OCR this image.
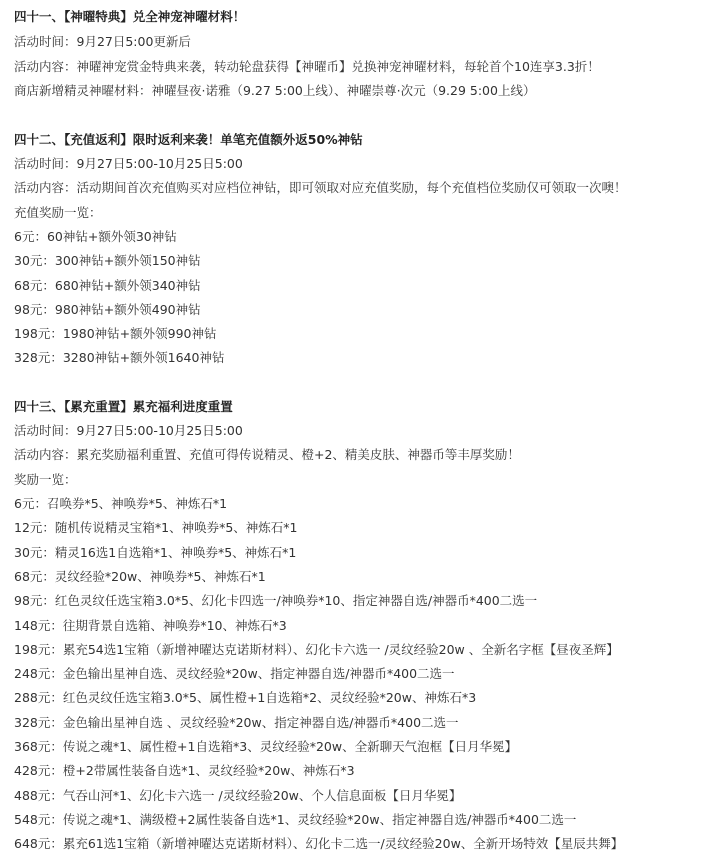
四十一、【神曜特典】兑全神宠神曜材料！
活动时间：9月27日5:00更新后
活动内容：神曜神宠赏金特典来袭，转动轮盘获得【神曜币】兑换神宠神曜材料，每轮首个10连享3.3折！
商店新增精灵神曜材料：神曜昼夜·诺雅（9.27 5:00上线）、神曜崇尊·次元（9.29 5:00上线）
四十二、【充值返利】限时返利来袭！单笔充值额外返50%神钻
活动时间：9月27日5:00-10月25日5:00
活动内容：活动期间首次充值购买对应档位神钻，即可领取对应充值奖励，每个充值档位奖励仅可领取一次噢！
充值奖励一览：
6元：60神钻+额外领30神钻
30元：300神钻+额外领150神钻
68元：680神钻+额外领340神钻
98元：980神钻+额外领490神钻
198元：1980神钻+额外领990神钻
328元：3280神钻+额外领1640神钻
四十三、【累充重置】累充福利进度重置
活动时间：9月27日5:00-10月25日5:00
活动内容：累充奖励福利重置、充值可得传说精灵、橙+2、精美皮肤、神器币等丰厚奖励！
奖励一览：
6元：召唤券*5、神唤券*5、神炼石*1
12元：随机传说精灵宝箱*1、神唤券*5、神炼石*1
30元：精灵16选1自选箱*1、神唤券*5、神炼石*1
68元：灵纹经验*20w、神唤券*5、神炼石*1
98元：红色灵纹任选宝箱3.0*5、幻化卡四选一/神唤券*10、指定神器自选/神器币*400二选一
148元：往期背景自选箱、神唤券*10、神炼石*3
198元：累充54选1宝箱（新增神曜达克诺斯材料）、幻化卡六选一 /灵纹经验20w 、全新名字框【昼夜圣辉】
248元：金色输出星神自选、灵纹经验*20w、指定神器自选/神器币*400二选一
288元：红色灵纹任选宝箱3.0*5、属性橙+1自选箱*2、灵纹经验*20w、神炼石*3
328元：金色输出星神自选 、灵纹经验*20w、指定神器自选/神器币*400二选一
368元：传说之魂*1、属性橙+1自选箱*3、灵纹经验*20w、全新聊天气泡框【日月华冕】
428元：橙+2带属性装备自选*1、灵纹经验*20w、神炼石*3
488元：气吞山河*1、幻化卡六选一 /灵纹经验20w、个人信息面板【日月华冕】
548元：传说之魂*1、满级橙+2属性装备自选*1、灵纹经验*20w、指定神器自选/神器币*400二选一
648元：累充61选1宝箱（新增神曜达克诺斯材料）、幻化卡二选一/灵纹经验20w、全新开场特效【星辰共舞】
